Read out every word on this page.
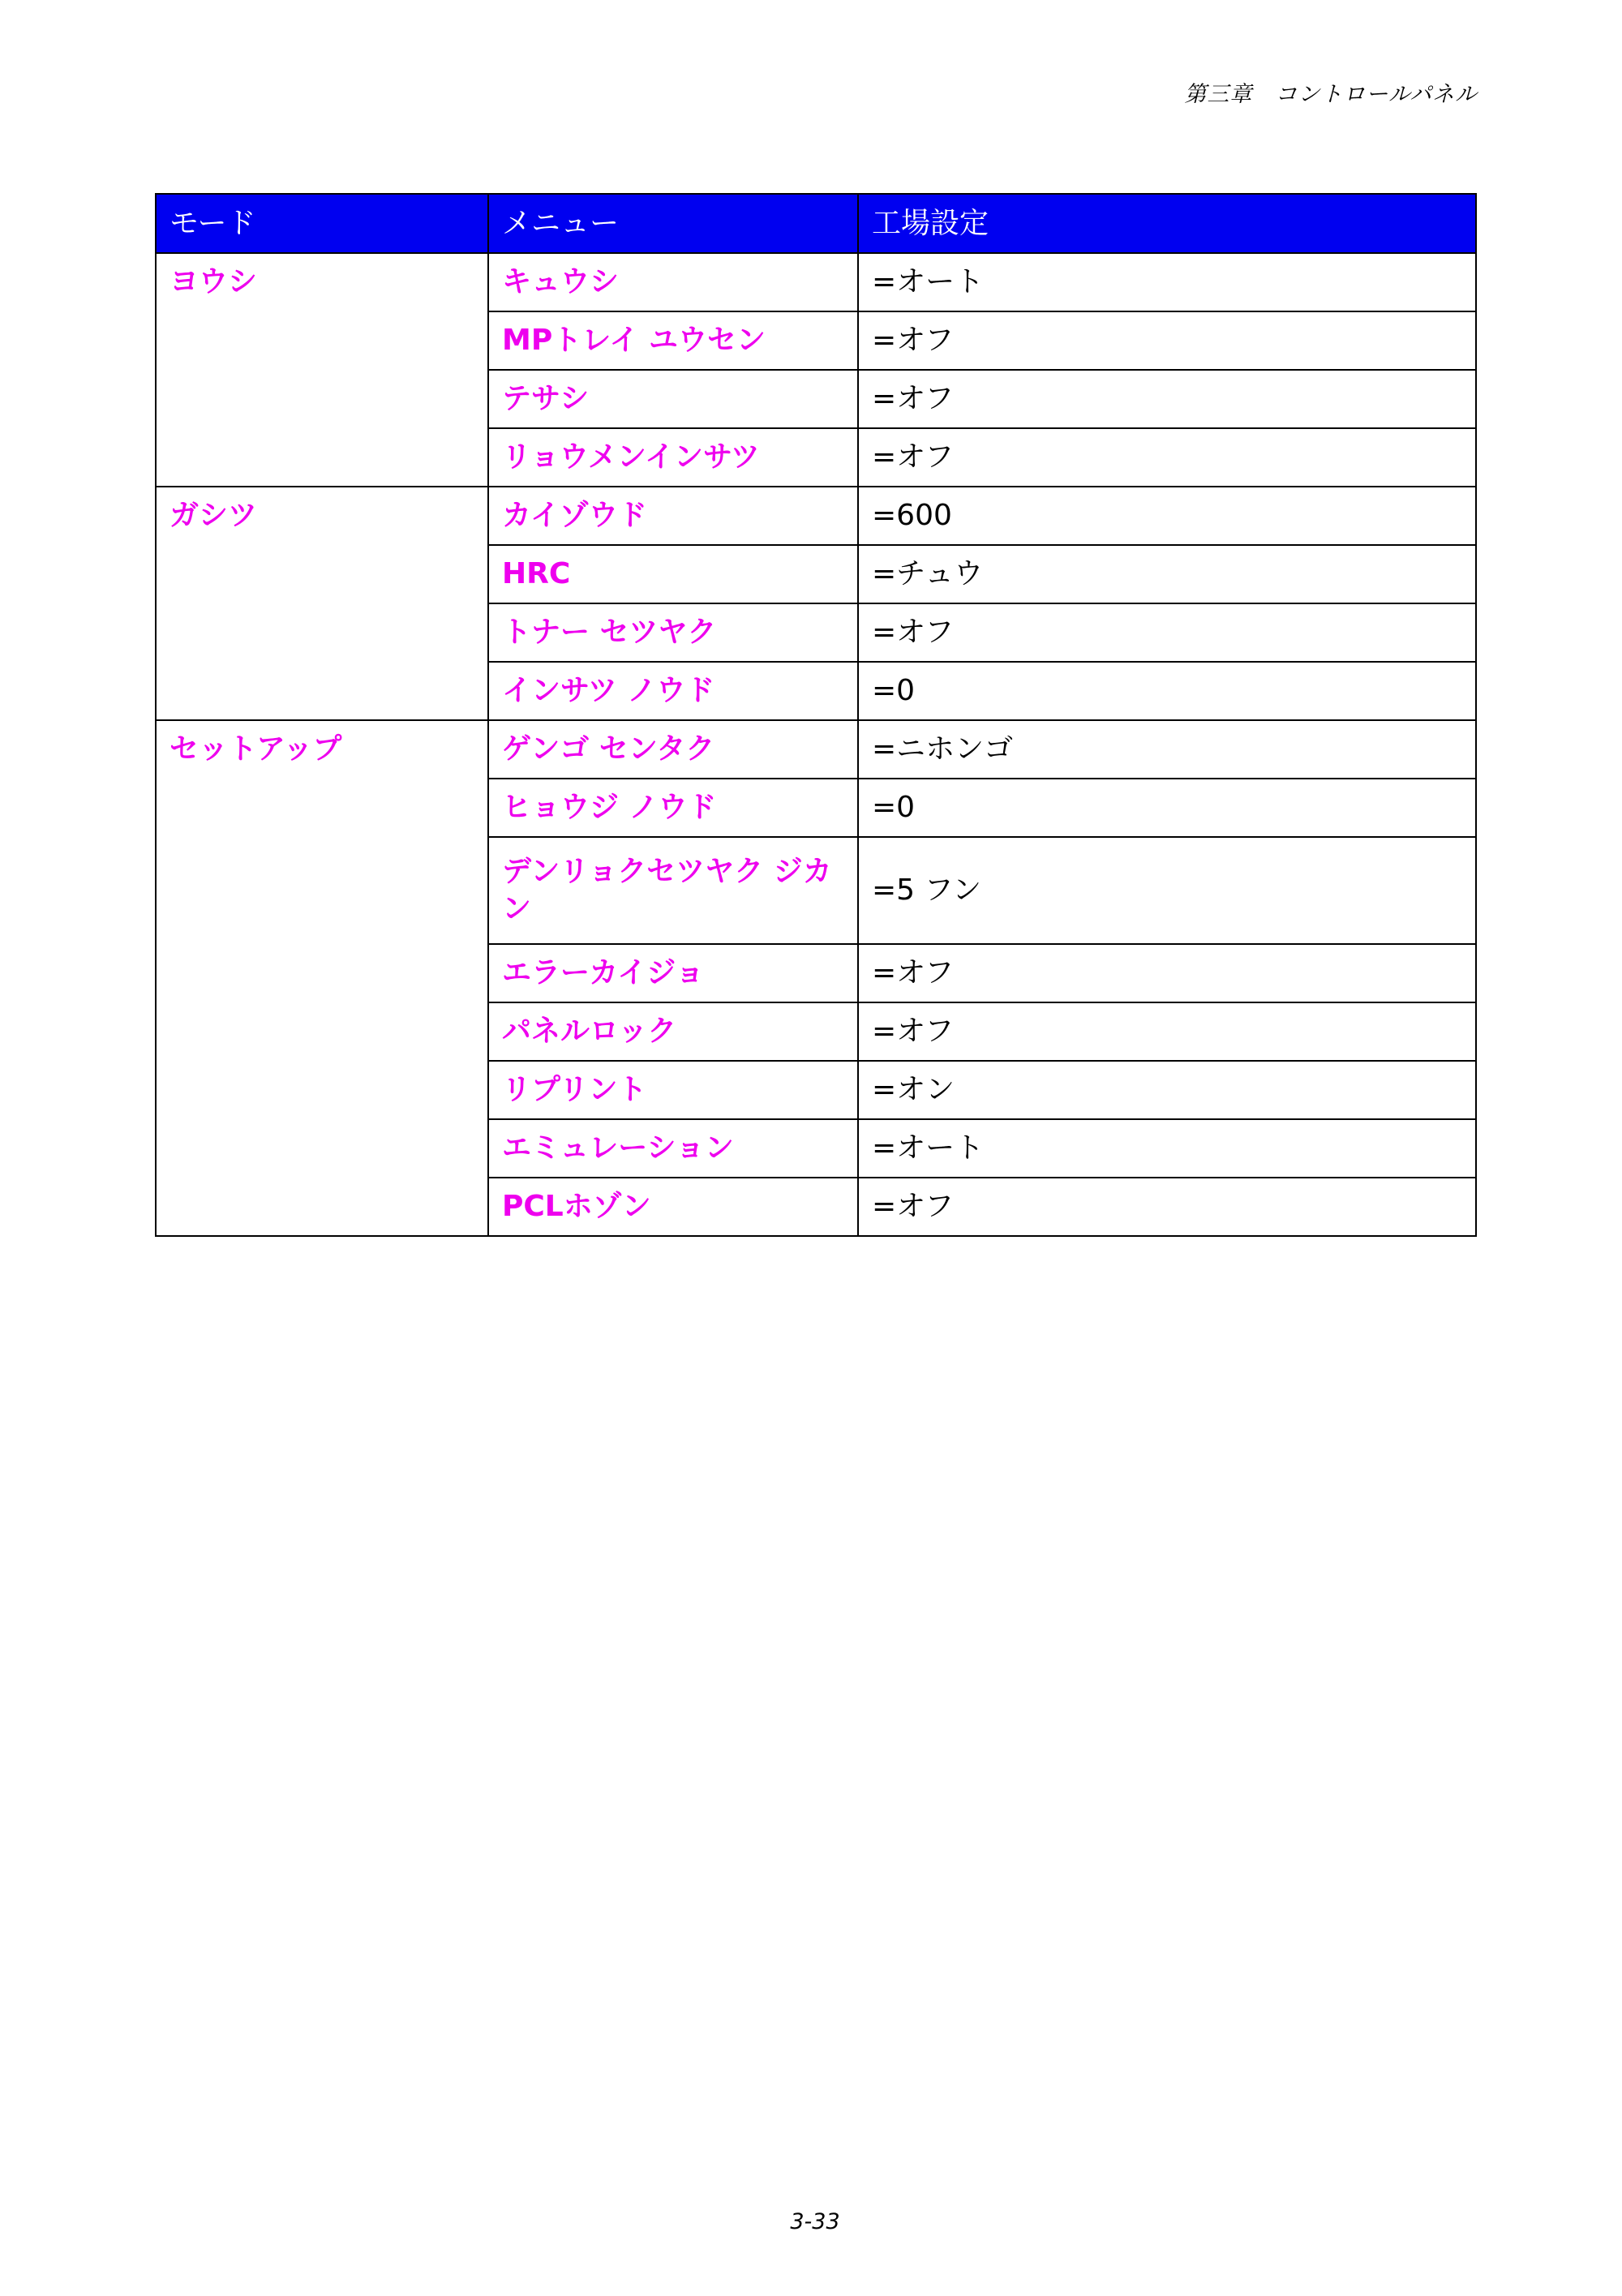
第三章　コントロールパネル
モード	メニュー	工場設定
ヨウシ	キュウシ	=オート
	MPトレイ ユウセン	=オフ
	テサシ	=オフ
	リョウメンインサツ	=オフ
ガシツ	カイゾウド	=600
	HRC	=チュウ
	トナー セツヤク	=オフ
	インサツ ノウド	=0
セットアップ	ゲンゴ センタク	=ニホンゴ
	ヒョウジ ノウド	=0
	デンリョクセツヤク ジカン	=5 フン
	エラーカイジョ	=オフ
	パネルロック	=オフ
	リプリント	=オン
	エミュレーション	=オート
	PCLホゾン	=オフ
3-33
